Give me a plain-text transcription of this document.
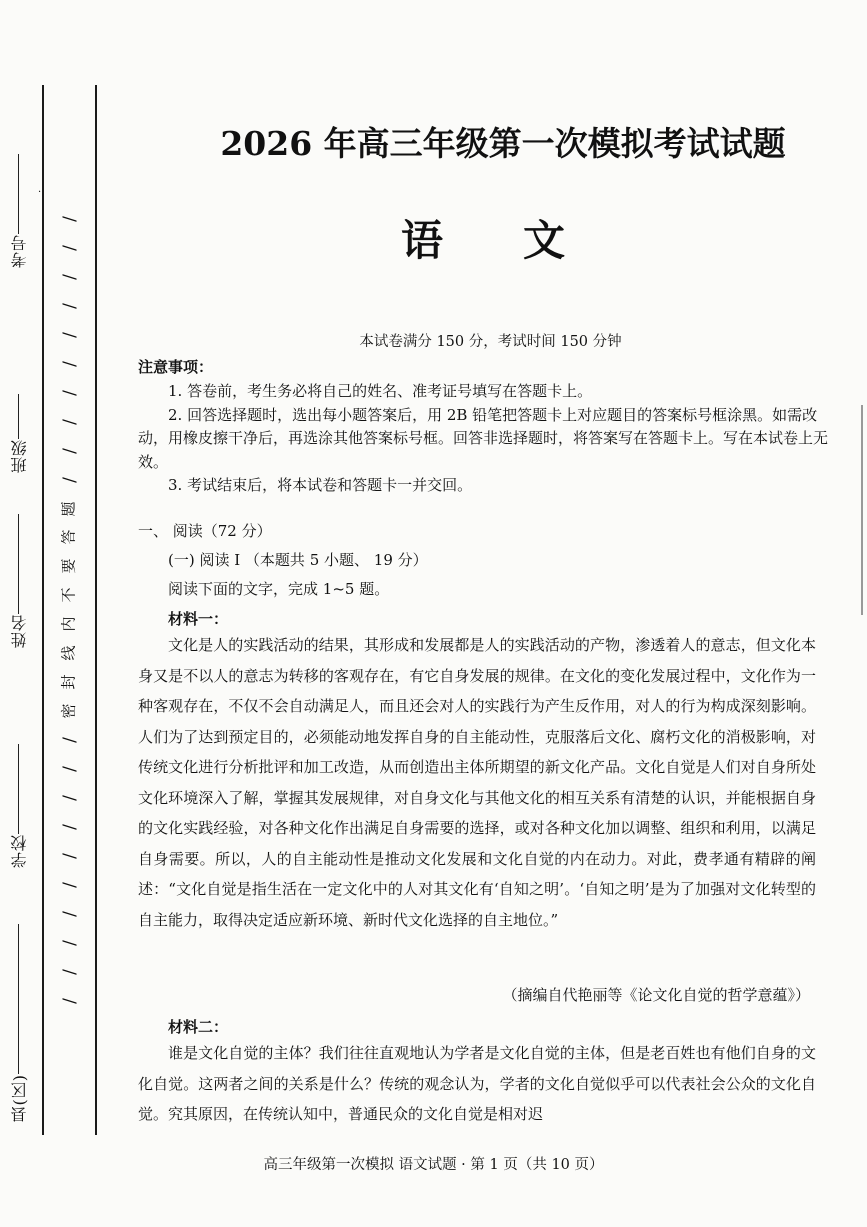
·
考号
班级
姓名
学校
县(区)
/
/
/
/
/
/
/
/
/
/
题
答
要
不
内
线
封
密
/
/
/
/
/
/
/
/
/
/
2026 年高三年级第一次模拟考试试题
语文
本试卷满分 150 分，考试时间 150 分钟
注意事项：

1. 答卷前，考生务必将自己的姓名、准考证号填写在答题卡上。

2. 回答选择题时，选出每小题答案后，用 2B 铅笔把答题卡上对应题目的答案标号框涂黑。如需改动，用橡皮擦干净后，再选涂其他答案标号框。回答非选择题时，将答案写在答题卡上。写在本试卷上无效。

3. 考试结束后，将本试卷和答题卡一并交回。

一、 阅读（72 分）
(一) 阅读 I （本题共 5 小题、 19 分）
阅读下面的文字，完成 1~5 题。
材料一：

文化是人的实践活动的结果，其形成和发展都是人的实践活动的产物，渗透着人的意志，但文化本身又是不以人的意志为转移的客观存在，有它自身发展的规律。在文化的变化发展过程中，文化作为一种客观存在，不仅不会自动满足人，而且还会对人的实践行为产生反作用，对人的行为构成深刻影响。人们为了达到预定目的，必须能动地发挥自身的自主能动性，克服落后文化、腐朽文化的消极影响，对传统文化进行分析批评和加工改造，从而创造出主体所期望的新文化产品。文化自觉是人们对自身所处文化环境深入了解，掌握其发展规律，对自身文化与其他文化的相互关系有清楚的认识，并能根据自身的文化实践经验，对各种文化作出满足自身需要的选择，或对各种文化加以调整、组织和利用，以满足自身需要。所以，人的自主能动性是推动文化发展和文化自觉的内在动力。对此，费孝通有精辟的阐述：“文化自觉是指生活在一定文化中的人对其文化有‘自知之明’。‘自知之明’是为了加强对文化转型的自主能力，取得决定适应新环境、新时代文化选择的自主地位。”

（摘编自代艳丽等《论文化自觉的哲学意蕴》）
材料二：

谁是文化自觉的主体？我们往往直观地认为学者是文化自觉的主体，但是老百姓也有他们自身的文化自觉。这两者之间的关系是什么？传统的观念认为，学者的文化自觉似乎可以代表社会公众的文化自觉。究其原因，在传统认知中，普通民众的文化自觉是相对迟

高三年级第一次模拟 语文试题 · 第 1 页（共 10 页）
